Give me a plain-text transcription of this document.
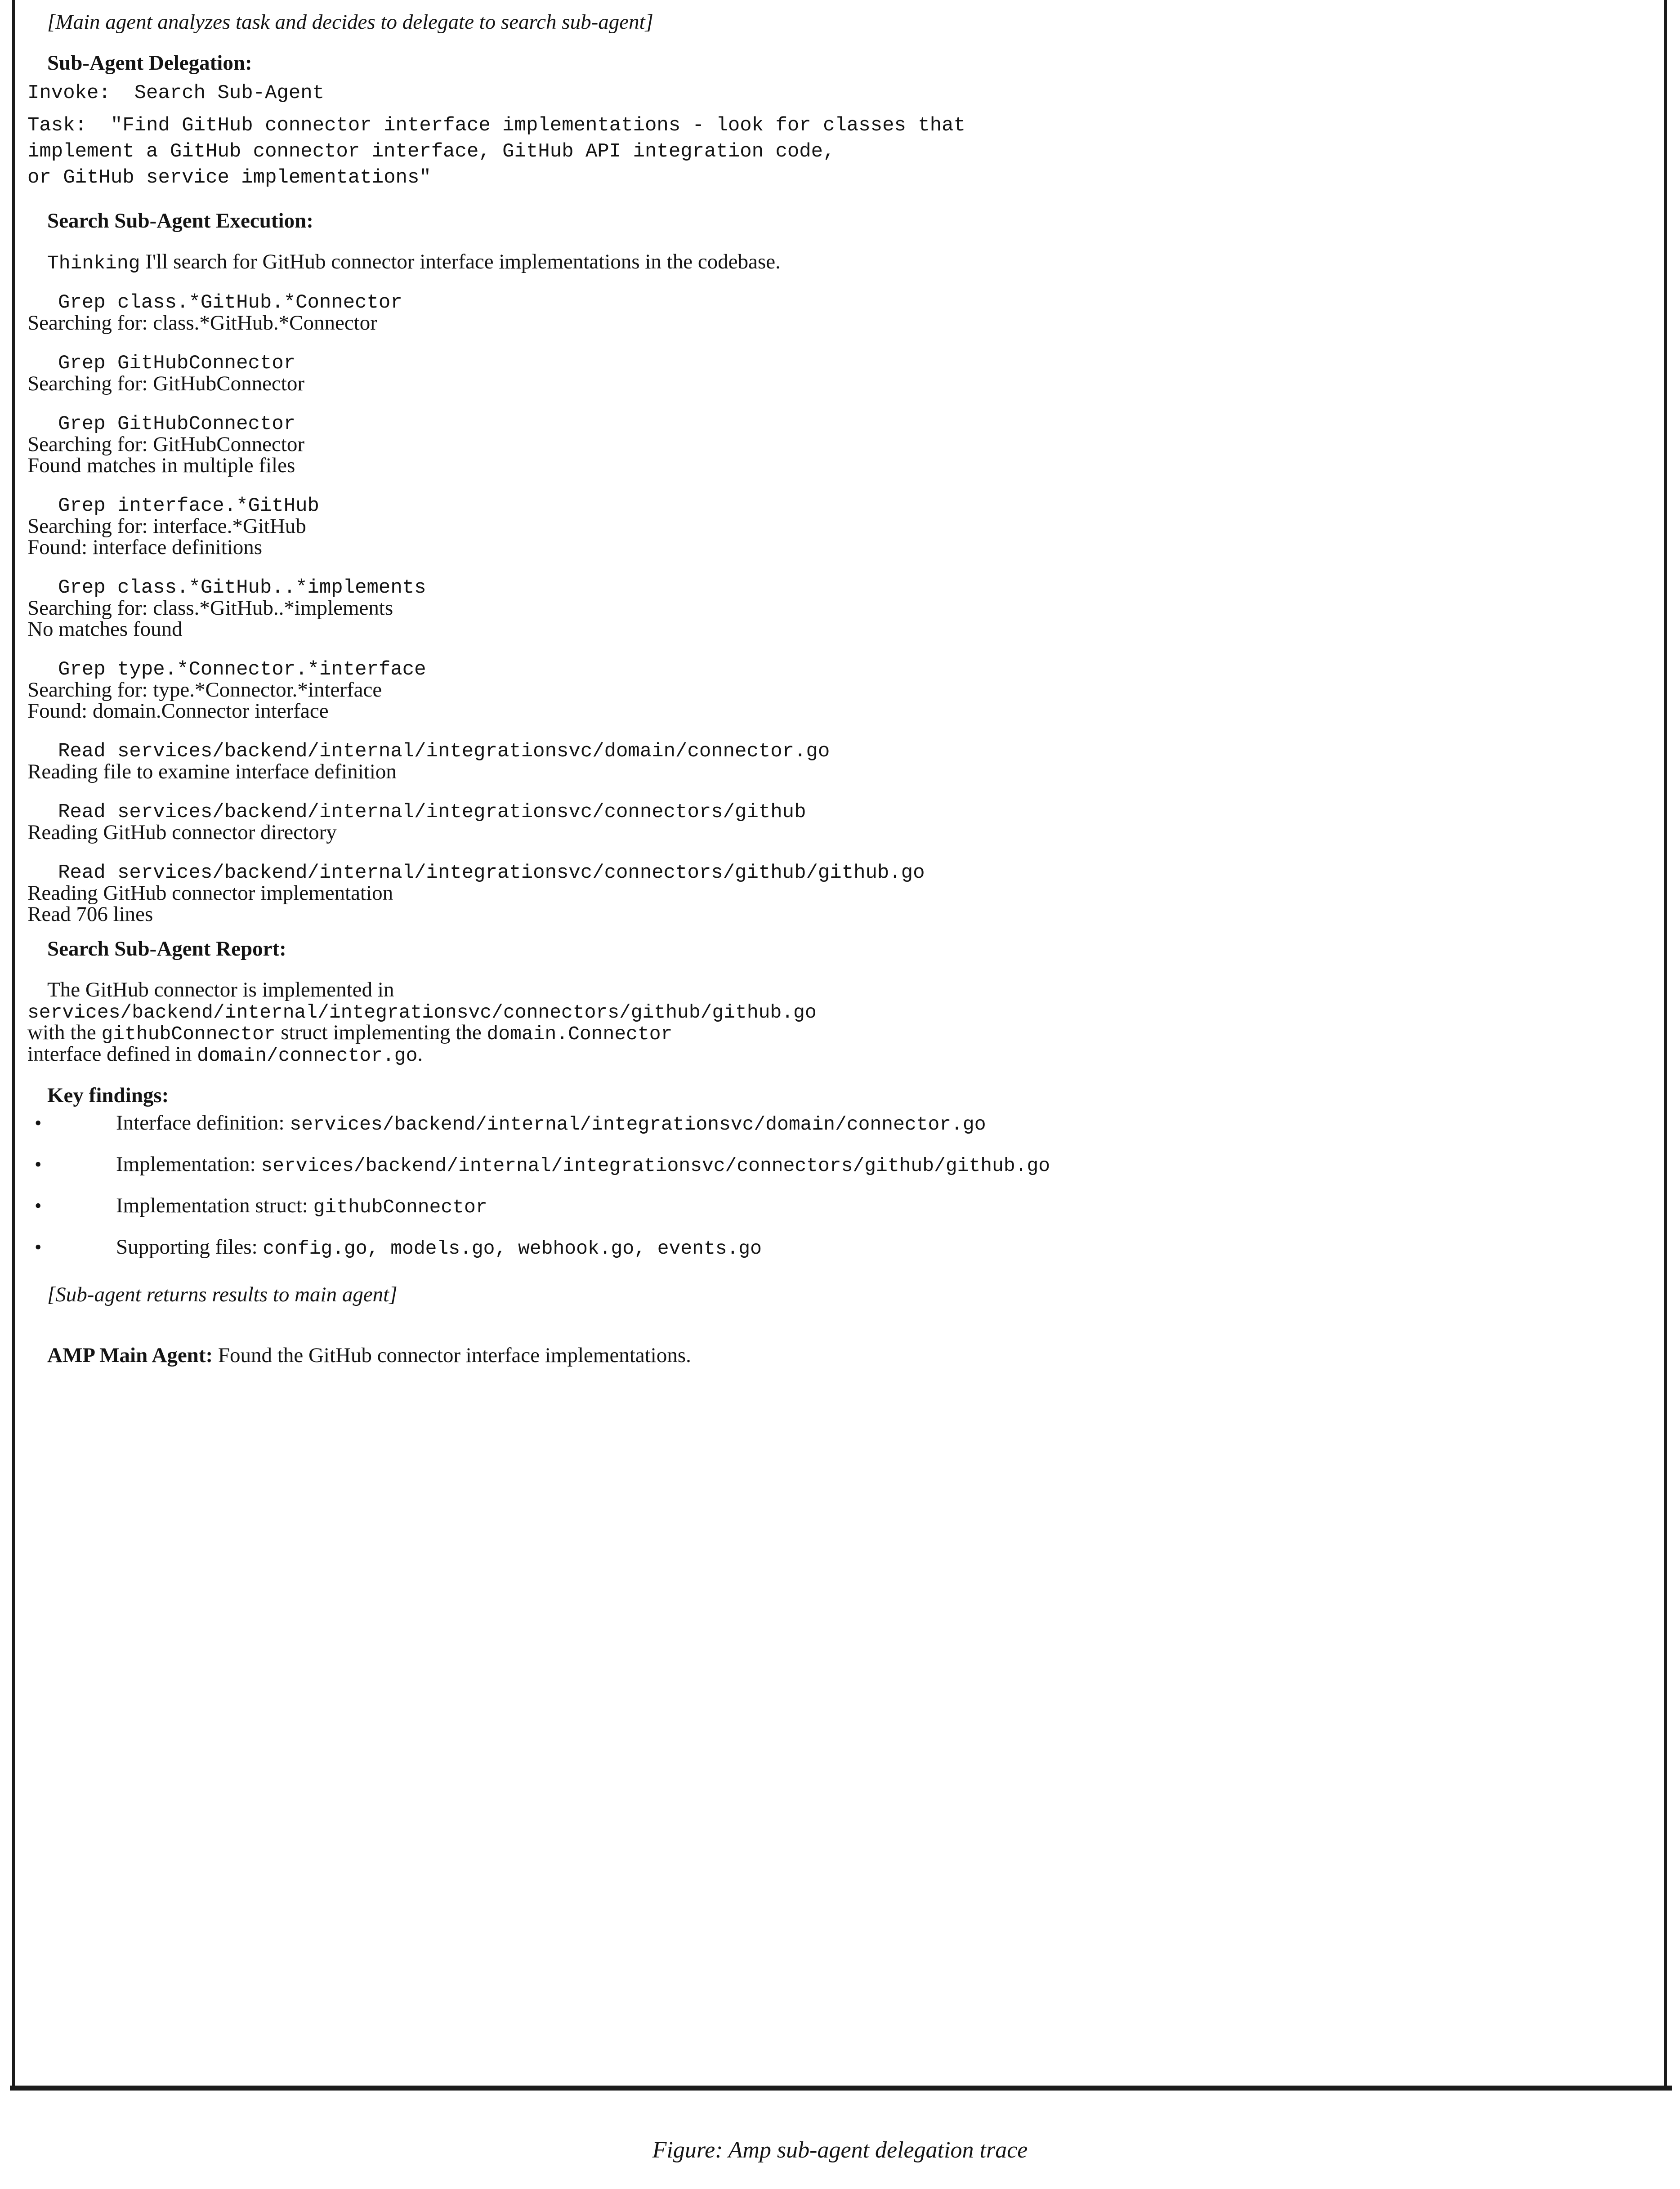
[Main agent analyzes task and decides to delegate to search sub-agent]
Sub-Agent Delegation:
Invoke:  Search Sub-Agent
Task:  "Find GitHub connector interface implementations - look for classes that
implement a GitHub connector interface, GitHub API integration code,
or GitHub service implementations"
Search Sub-Agent Execution:
Thinking I'll search for GitHub connector interface implementations in the codebase.
Grep class.*GitHub.*Connector
Searching for: class.*GitHub.*Connector
Grep GitHubConnector
Searching for: GitHubConnector
Grep GitHubConnector
Searching for: GitHubConnector
Found matches in multiple files
Grep interface.*GitHub
Searching for: interface.*GitHub
Found: interface definitions
Grep class.*GitHub..*implements
Searching for: class.*GitHub..*implements
No matches found
Grep type.*Connector.*interface
Searching for: type.*Connector.*interface
Found: domain.Connector interface
Read services/backend/internal/integrationsvc/domain/connector.go
Reading file to examine interface definition
Read services/backend/internal/integrationsvc/connectors/github
Reading GitHub connector directory
Read services/backend/internal/integrationsvc/connectors/github/github.go
Reading GitHub connector implementation
Read 706 lines
Search Sub-Agent Report:
The GitHub connector is implemented in
services/backend/internal/integrationsvc/connectors/github/github.go
with the githubConnector struct implementing the domain.Connector
interface defined in domain/connector.go.
Key findings:
•	Interface definition: services/backend/internal/integrationsvc/domain/connector.go
•	Implementation: services/backend/internal/integrationsvc/connectors/github/github.go
•	Implementation struct: githubConnector
•	Supporting files: config.go, models.go, webhook.go, events.go
[Sub-agent returns results to main agent]
AMP Main Agent: Found the GitHub connector interface implementations.
Figure: Amp sub-agent delegation trace
